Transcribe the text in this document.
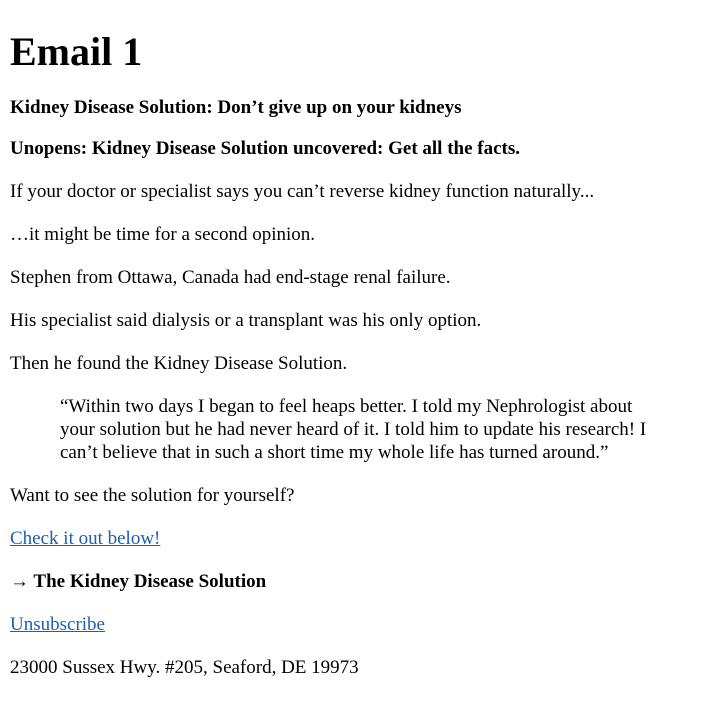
Email 1

Kidney Disease Solution: Don’t give up on your kidneys

Unopens: Kidney Disease Solution uncovered: Get all the facts.

If your doctor or specialist says you can’t reverse kidney function naturally...

…it might be time for a second opinion.

Stephen from Ottawa, Canada had end-stage renal failure.

His specialist said dialysis or a transplant was his only option.

Then he found the Kidney Disease Solution.

“Within two days I began to feel heaps better. I told my Nephrologist about your solution but he had never heard of it. I told him to update his research! I can’t believe that in such a short time my whole life has turned around.”

Want to see the solution for yourself?

Check it out below!

→ The Kidney Disease Solution

Unsubscribe

23000 Sussex Hwy. #205, Seaford, DE 19973
